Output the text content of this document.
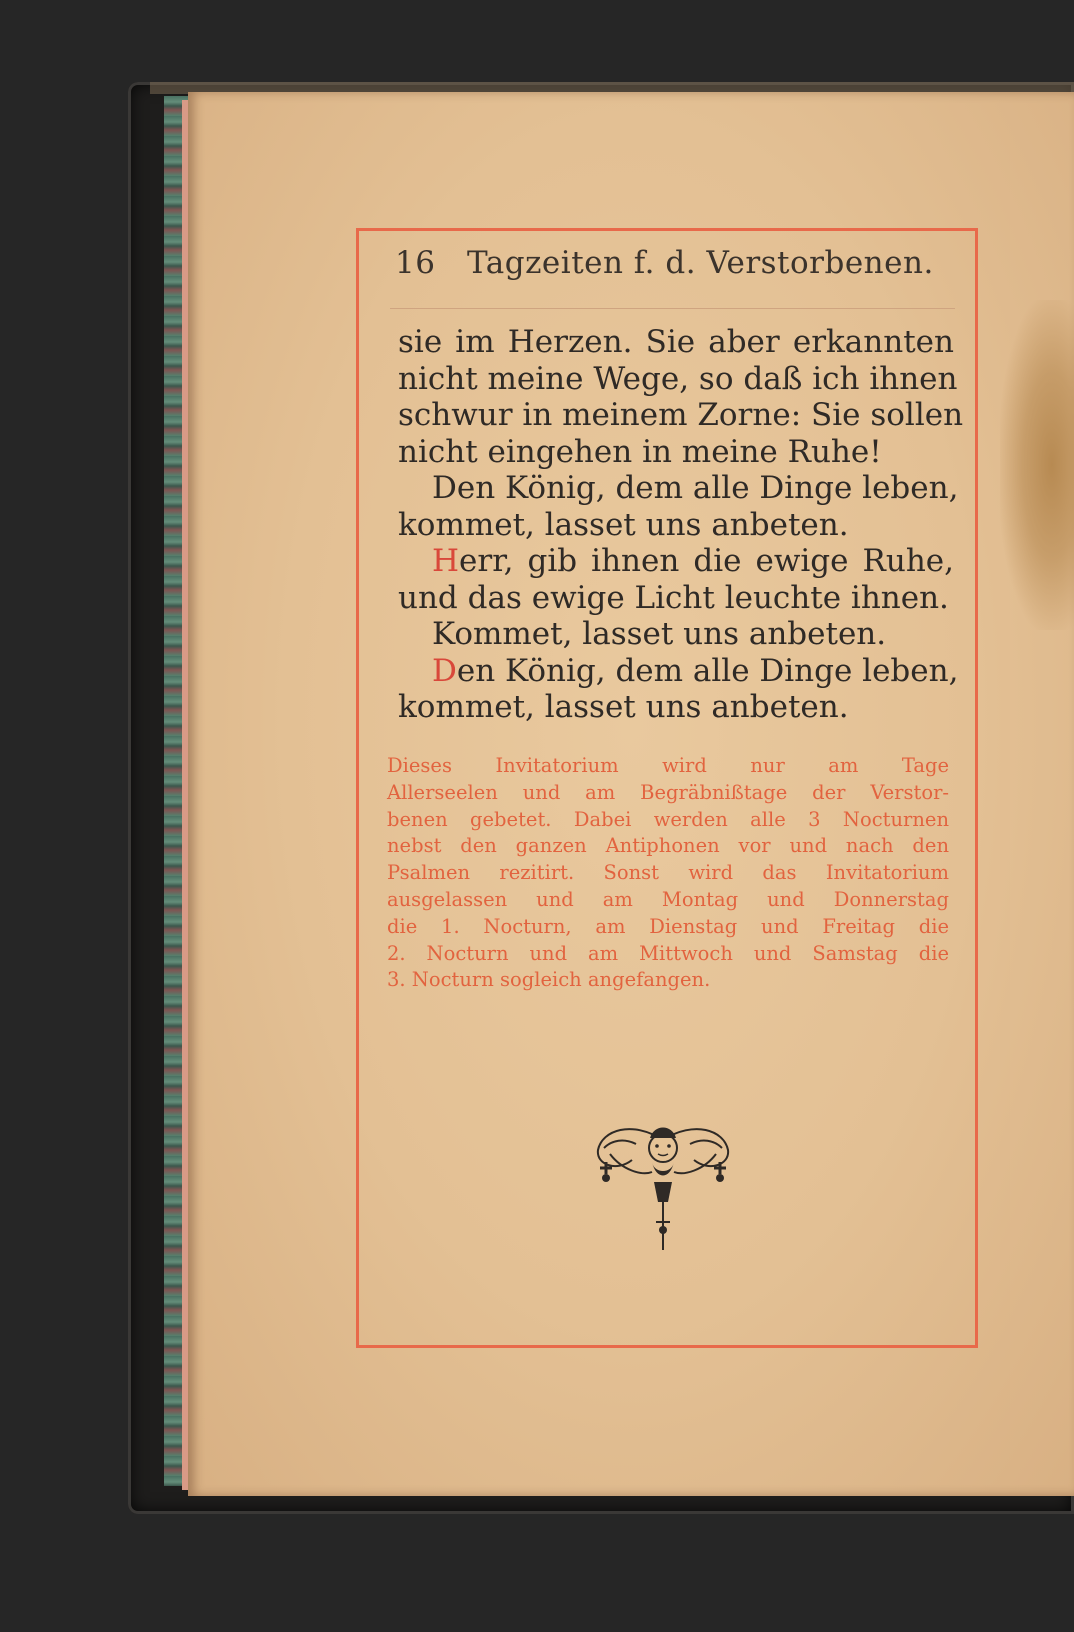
16 Tagzeiten f. d. Verstorbenen.
sie im Herzen. Sie aber erkannten
nicht meine Wege, so daß ich ihnen
schwur in meinem Zorne: Sie sollen
nicht eingehen in meine Ruhe!
Den König, dem alle Dinge leben,
kommet, lasset uns anbeten.
Herr, gib ihnen die ewige Ruhe,
und das ewige Licht leuchte ihnen.
Kommet, lasset uns anbeten.
Den König, dem alle Dinge leben,
kommet, lasset uns anbeten.
Dieses Invitatorium wird nur am Tage
Allerseelen und am Begräbnißtage der Verstor-
benen gebetet. Dabei werden alle 3 Nocturnen
nebst den ganzen Antiphonen vor und nach den
Psalmen rezitirt. Sonst wird das Invitatorium
ausgelassen und am Montag und Donnerstag
die 1. Nocturn, am Dienstag und Freitag die
2. Nocturn und am Mittwoch und Samstag die
3. Nocturn sogleich angefangen.
